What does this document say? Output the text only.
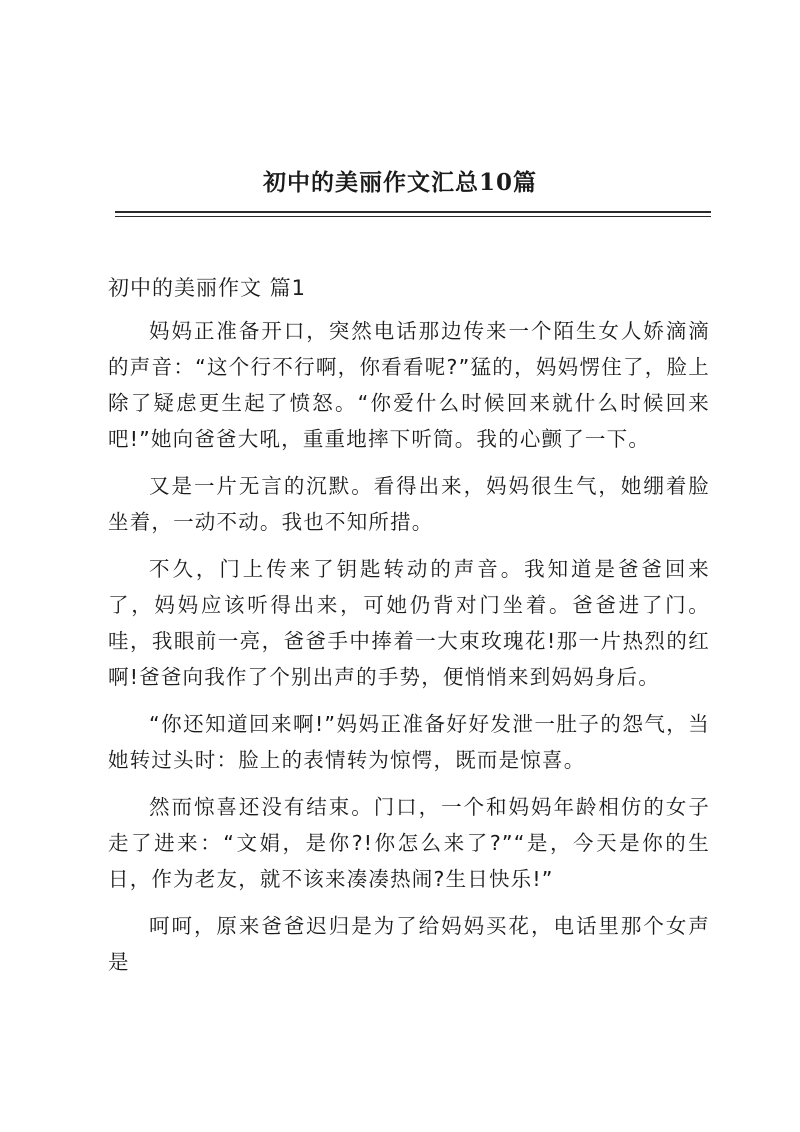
初中的美丽作文汇总10篇
初中的美丽作文 篇1

妈妈正准备开口，突然电话那边传来一个陌生女人娇滴滴的声音：“这个行不行啊，你看看呢?”猛的，妈妈愣住了，脸上除了疑虑更生起了愤怒。“你爱什么时候回来就什么时候回来吧!”她向爸爸大吼，重重地摔下听筒。我的心颤了一下。

又是一片无言的沉默。看得出来，妈妈很生气，她绷着脸坐着，一动不动。我也不知所措。

不久，门上传来了钥匙转动的声音。我知道是爸爸回来了，妈妈应该听得出来，可她仍背对门坐着。爸爸进了门。哇，我眼前一亮，爸爸手中捧着一大束玫瑰花!那一片热烈的红啊!爸爸向我作了个别出声的手势，便悄悄来到妈妈身后。

“你还知道回来啊!”妈妈正准备好好发泄一肚子的怨气，当她转过头时：脸上的表情转为惊愕，既而是惊喜。

然而惊喜还没有结束。门口，一个和妈妈年龄相仿的女子走了进来：“文娟，是你?!你怎么来了?”“是，今天是你的生日，作为老友，就不该来凑凑热闹?生日快乐!”

呵呵，原来爸爸迟归是为了给妈妈买花，电话里那个女声是
